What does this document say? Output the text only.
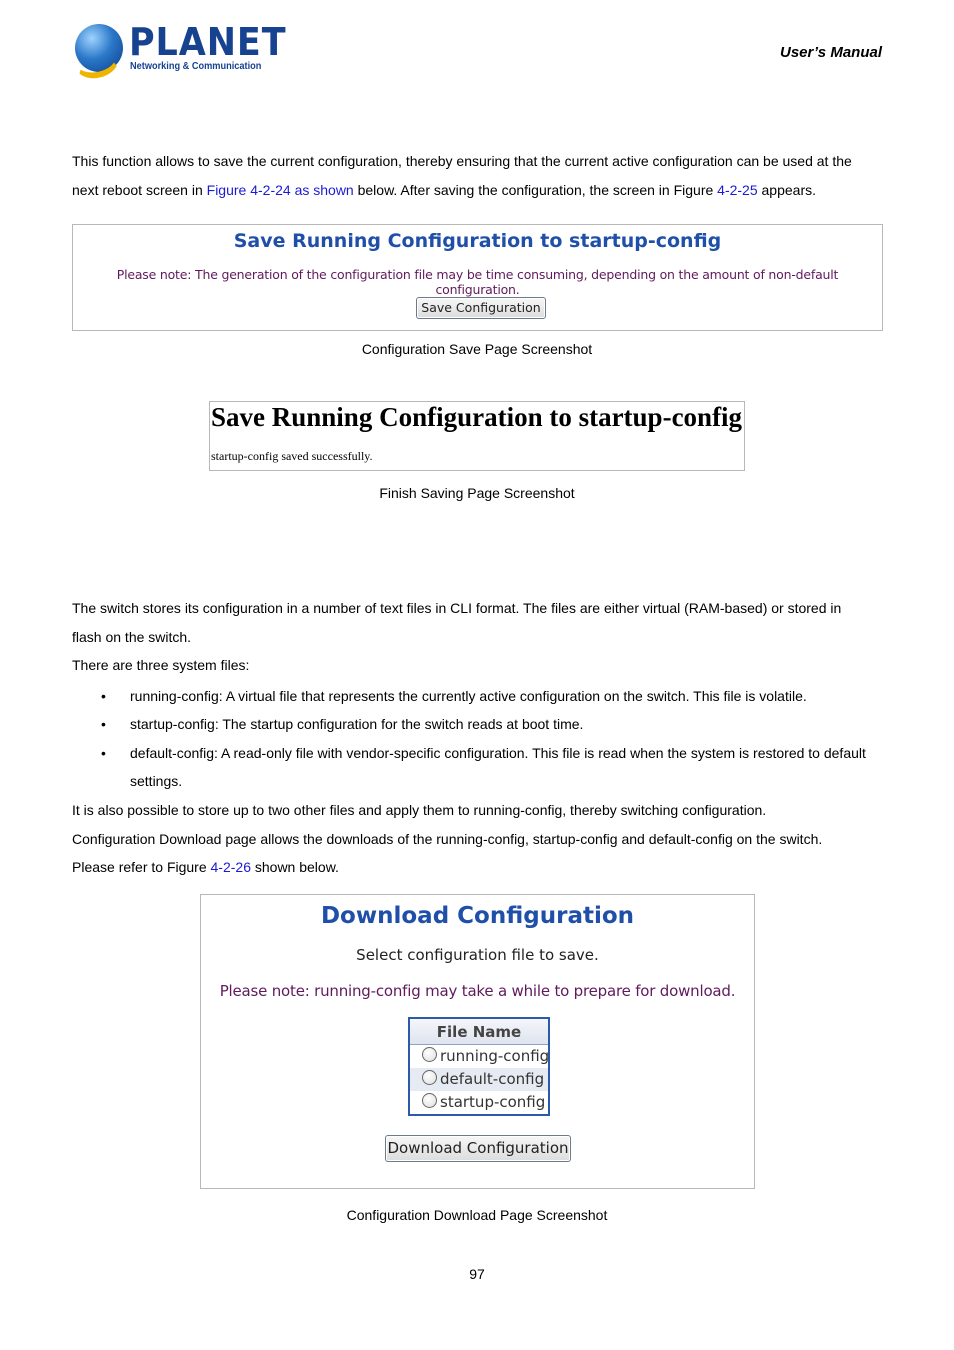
PLANET
Networking & Communication
User’s Manual
This function allows to save the current configuration, thereby ensuring that the current active configuration can be used at the
next reboot screen in Figure 4-2-24 as shown below. After saving the configuration, the screen in Figure 4-2-25 appears.
Save Running Configuration to startup-config
Please note: The generation of the configuration file may be time consuming, depending on the amount of non-default configuration.
Save Configuration
Configuration Save Page Screenshot
Save Running Configuration to startup-config
startup-config saved successfully.
Finish Saving Page Screenshot
The switch stores its configuration in a number of text files in CLI format. The files are either virtual (RAM-based) or stored in
flash on the switch.
There are three system files:
• running-config: A virtual file that represents the currently active configuration on the switch. This file is volatile.
• startup-config: The startup configuration for the switch reads at boot time.
• default-config: A read-only file with vendor-specific configuration. This file is read when the system is restored to default
settings.
It is also possible to store up to two other files and apply them to running-config, thereby switching configuration.
Configuration Download page allows the downloads of the running-config, startup-config and default-config on the switch.
Please refer to Figure 4-2-26 shown below.
Download Configuration
Select configuration file to save.
Please note: running-config may take a while to prepare for download.
File Name
running-config
default-config
startup-config
Download Configuration
Configuration Download Page Screenshot
97
